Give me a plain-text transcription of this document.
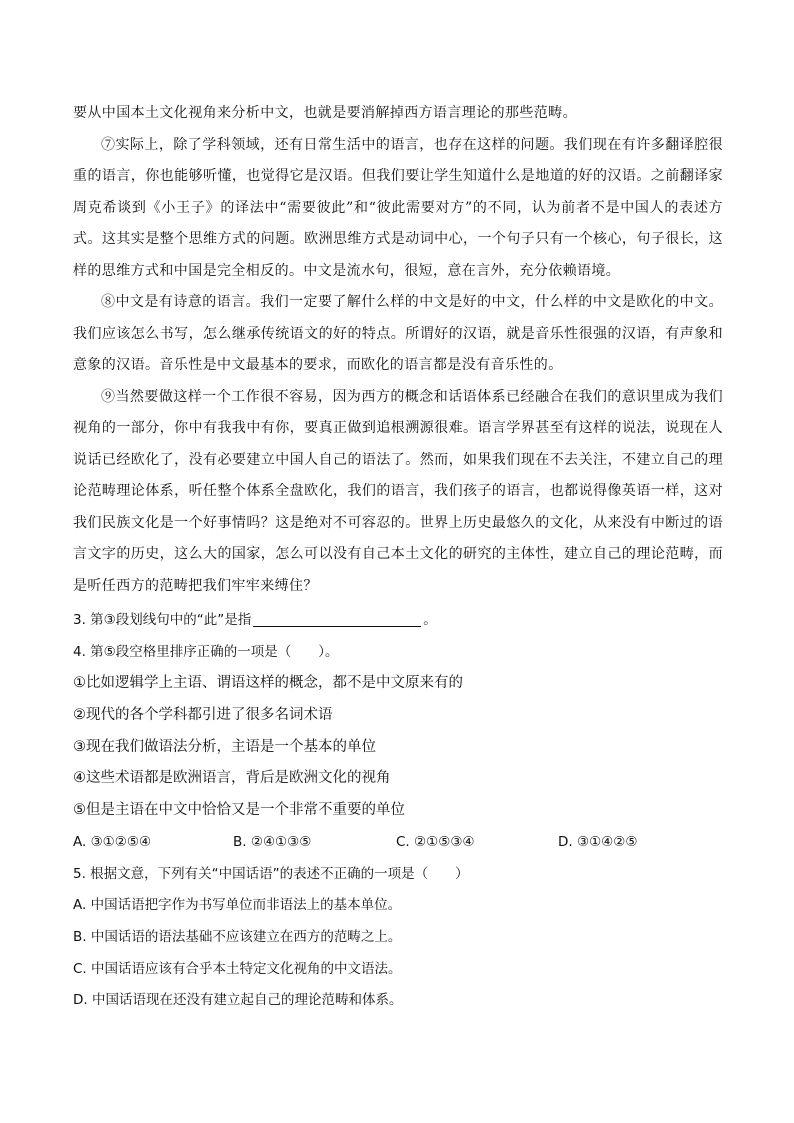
要从中国本土文化视角来分析中文，也就是要消解掉西方语言理论的那些范畴。

⑦实际上，除了学科领域，还有日常生活中的语言，也存在这样的问题。我们现在有许多翻译腔很重的语言，你也能够听懂，也觉得它是汉语。但我们要让学生知道什么是地道的好的汉语。之前翻译家周克希谈到《小王子》的译法中“需要彼此”和“彼此需要对方”的不同，认为前者不是中国人的表述方式。这其实是整个思维方式的问题。欧洲思维方式是动词中心，一个句子只有一个核心，句子很长，这样的思维方式和中国是完全相反的。中文是流水句，很短，意在言外，充分依赖语境。

⑧中文是有诗意的语言。我们一定要了解什么样的中文是好的中文，什么样的中文是欧化的中文。我们应该怎么书写，怎么继承传统语文的好的特点。所谓好的汉语，就是音乐性很强的汉语，有声象和意象的汉语。音乐性是中文最基本的要求，而欧化的语言都是没有音乐性的。

⑨当然要做这样一个工作很不容易，因为西方的概念和话语体系已经融合在我们的意识里成为我们视角的一部分，你中有我我中有你，要真正做到追根溯源很难。语言学界甚至有这样的说法，说现在人说话已经欧化了，没有必要建立中国人自己的语法了。然而，如果我们现在不去关注，不建立自己的理论范畴理论体系，听任整个体系全盘欧化，我们的语言，我们孩子的语言，也都说得像英语一样，这对我们民族文化是一个好事情吗？这是绝对不可容忍的。世界上历史最悠久的文化，从来没有中断过的语言文字的历史，这么大的国家，怎么可以没有自己本土文化的研究的主体性，建立自己的理论范畴，而是听任西方的范畴把我们牢牢来缚住？

3. 第③段划线句中的“此”是指	。
4. 第⑤段空格里排序正确的一项是（　　）。
①比如逻辑学上主语、谓语这样的概念，都不是中文原来有的
②现代的各个学科都引进了很多名词术语
③现在我们做语法分析，主语是一个基本的单位
④这些术语都是欧洲语言，背后是欧洲文化的视角
⑤但是主语在中文中恰恰又是一个非常不重要的单位
A. ③①②⑤④	B. ②④①③⑤	C. ②①⑤③④	D. ③①④②⑤
5. 根据文意，下列有关“中国话语”的表述不正确的一项是（　　）
A. 中国话语把字作为书写单位而非语法上的基本单位。
B. 中国话语的语法基础不应该建立在西方的范畴之上。
C. 中国话语应该有合乎本土特定文化视角的中文语法。
D. 中国话语现在还没有建立起自己的理论范畴和体系。
